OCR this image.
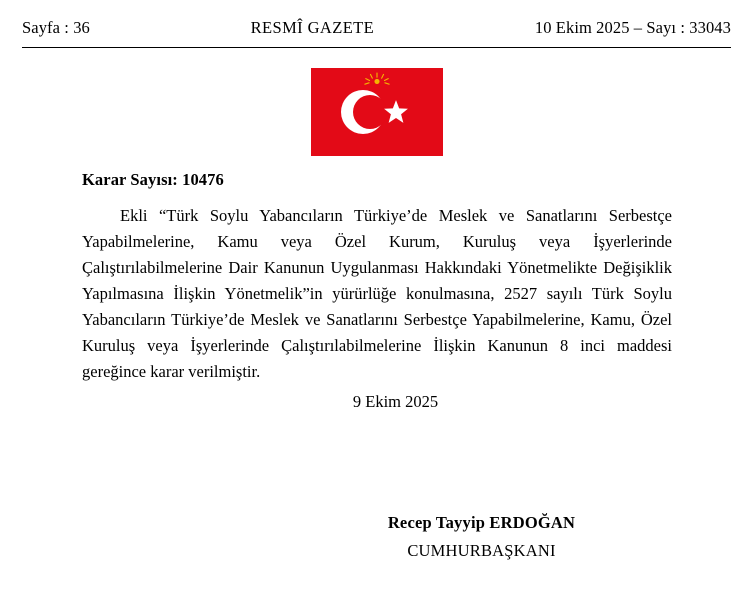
Sayfa : 36	RESMÎ GAZETE	10 Ekim 2025 – Sayı : 33043
Karar Sayısı: 10476
Ekli “Türk Soylu Yabancıların Türkiye’de Meslek ve Sanatlarını Serbestçe Yapabilmelerine, Kamu veya Özel Kurum, Kuruluş veya İşyerlerinde Çalıştırılabilmelerine Dair Kanunun Uygulanması Hakkındaki Yönetmelikte Değişiklik Yapılmasına İlişkin Yönetmelik”in yürürlüğe konulmasına, 2527 sayılı Türk Soylu Yabancıların Türkiye’de Meslek ve Sanatlarını Serbestçe Yapabilmelerine, Kamu, Özel Kuruluş veya İşyerlerinde Çalıştırılabilmelerine İlişkin Kanunun 8 inci maddesi gereğince karar verilmiştir.
9 Ekim 2025
Recep Tayyip ERDOĞAN
CUMHURBAŞKANI
